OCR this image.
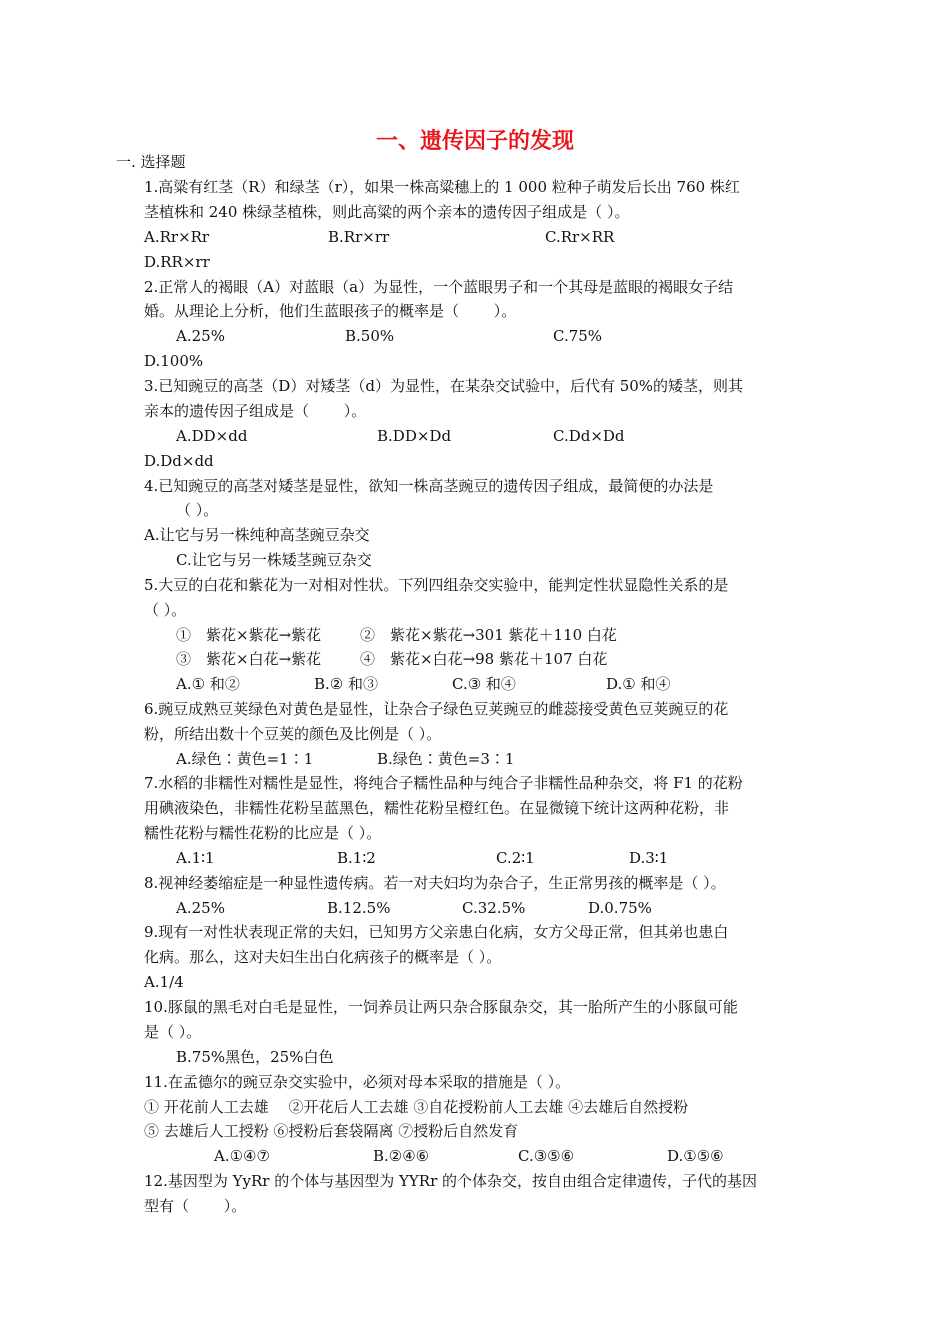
一、遗传因子的发现
一. 选择题
1.高粱有红茎（R）和绿茎（r），如果一株高粱穗上的 1 000 粒种子萌发后长出 760 株红
茎植株和 240 株绿茎植株，则此高粱的两个亲本的遗传因子组成是（ ）。
A.Rr×Rr	B.Rr×rr	C.Rr×RR
D.RR×rr
2.正常人的褐眼（A）对蓝眼（a）为显性，一个蓝眼男子和一个其母是蓝眼的褐眼女子结
婚。从理论上分析，他们生蓝眼孩子的概率是（　　 ）。
A.25%	B.50%	C.75%
D.100%
3.已知豌豆的高茎（D）对矮茎（d）为显性，在某杂交试验中，后代有 50%的矮茎，则其
亲本的遗传因子组成是（　　 ）。
A.DD×dd	B.DD×Dd	C.Dd×Dd
D.Dd×dd
4.已知豌豆的高茎对矮茎是显性，欲知一株高茎豌豆的遗传因子组成，最简便的办法是
（ ）。
A.让它与另一株纯种高茎豌豆杂交
C.让它与另一株矮茎豌豆杂交
5.大豆的白花和紫花为一对相对性状。下列四组杂交实验中，能判定性状显隐性关系的是
（ ）。
①　紫花×紫花→紫花	②　紫花×紫花→301 紫花＋110 白花
③　紫花×白花→紫花	④　紫花×白花→98 紫花＋107 白花
A.① 和②	B.② 和③	C.③ 和④	D.① 和④
6.豌豆成熟豆荚绿色对黄色是显性，让杂合子绿色豆荚豌豆的雌蕊接受黄色豆荚豌豆的花
粉，所结出数十个豆荚的颜色及比例是（ ）。
A.绿色∶黄色=1∶1	B.绿色∶黄色=3∶1
7.水稻的非糯性对糯性是显性，将纯合子糯性品种与纯合子非糯性品种杂交，将 F1 的花粉
用碘液染色，非糯性花粉呈蓝黑色，糯性花粉呈橙红色。在显微镜下统计这两种花粉，非
糯性花粉与糯性花粉的比应是（ ）。
A.1∶1	B.1∶2	C.2∶1	D.3∶1
8.视神经萎缩症是一种显性遗传病。若一对夫妇均为杂合子，生正常男孩的概率是（ ）。
A.25%	B.12.5%	C.32.5%	D.0.75%
9.现有一对性状表现正常的夫妇，已知男方父亲患白化病，女方父母正常，但其弟也患白
化病。那么，这对夫妇生出白化病孩子的概率是（ ）。
A.1/4
10.豚鼠的黑毛对白毛是显性，一饲养员让两只杂合豚鼠杂交，其一胎所产生的小豚鼠可能
是（ ）。
B.75%黑色，25%白色
11.在孟德尔的豌豆杂交实验中，必须对母本采取的措施是（ ）。
① 开花前人工去雄　 ②开花后人工去雄 ③自花授粉前人工去雄 ④去雄后自然授粉
⑤ 去雄后人工授粉 ⑥授粉后套袋隔离 ⑦授粉后自然发育
A.①④⑦	B.②④⑥	C.③⑤⑥	D.①⑤⑥
12.基因型为 YyRr 的个体与基因型为 YYRr 的个体杂交，按自由组合定律遗传，子代的基因
型有（　　 ）。
